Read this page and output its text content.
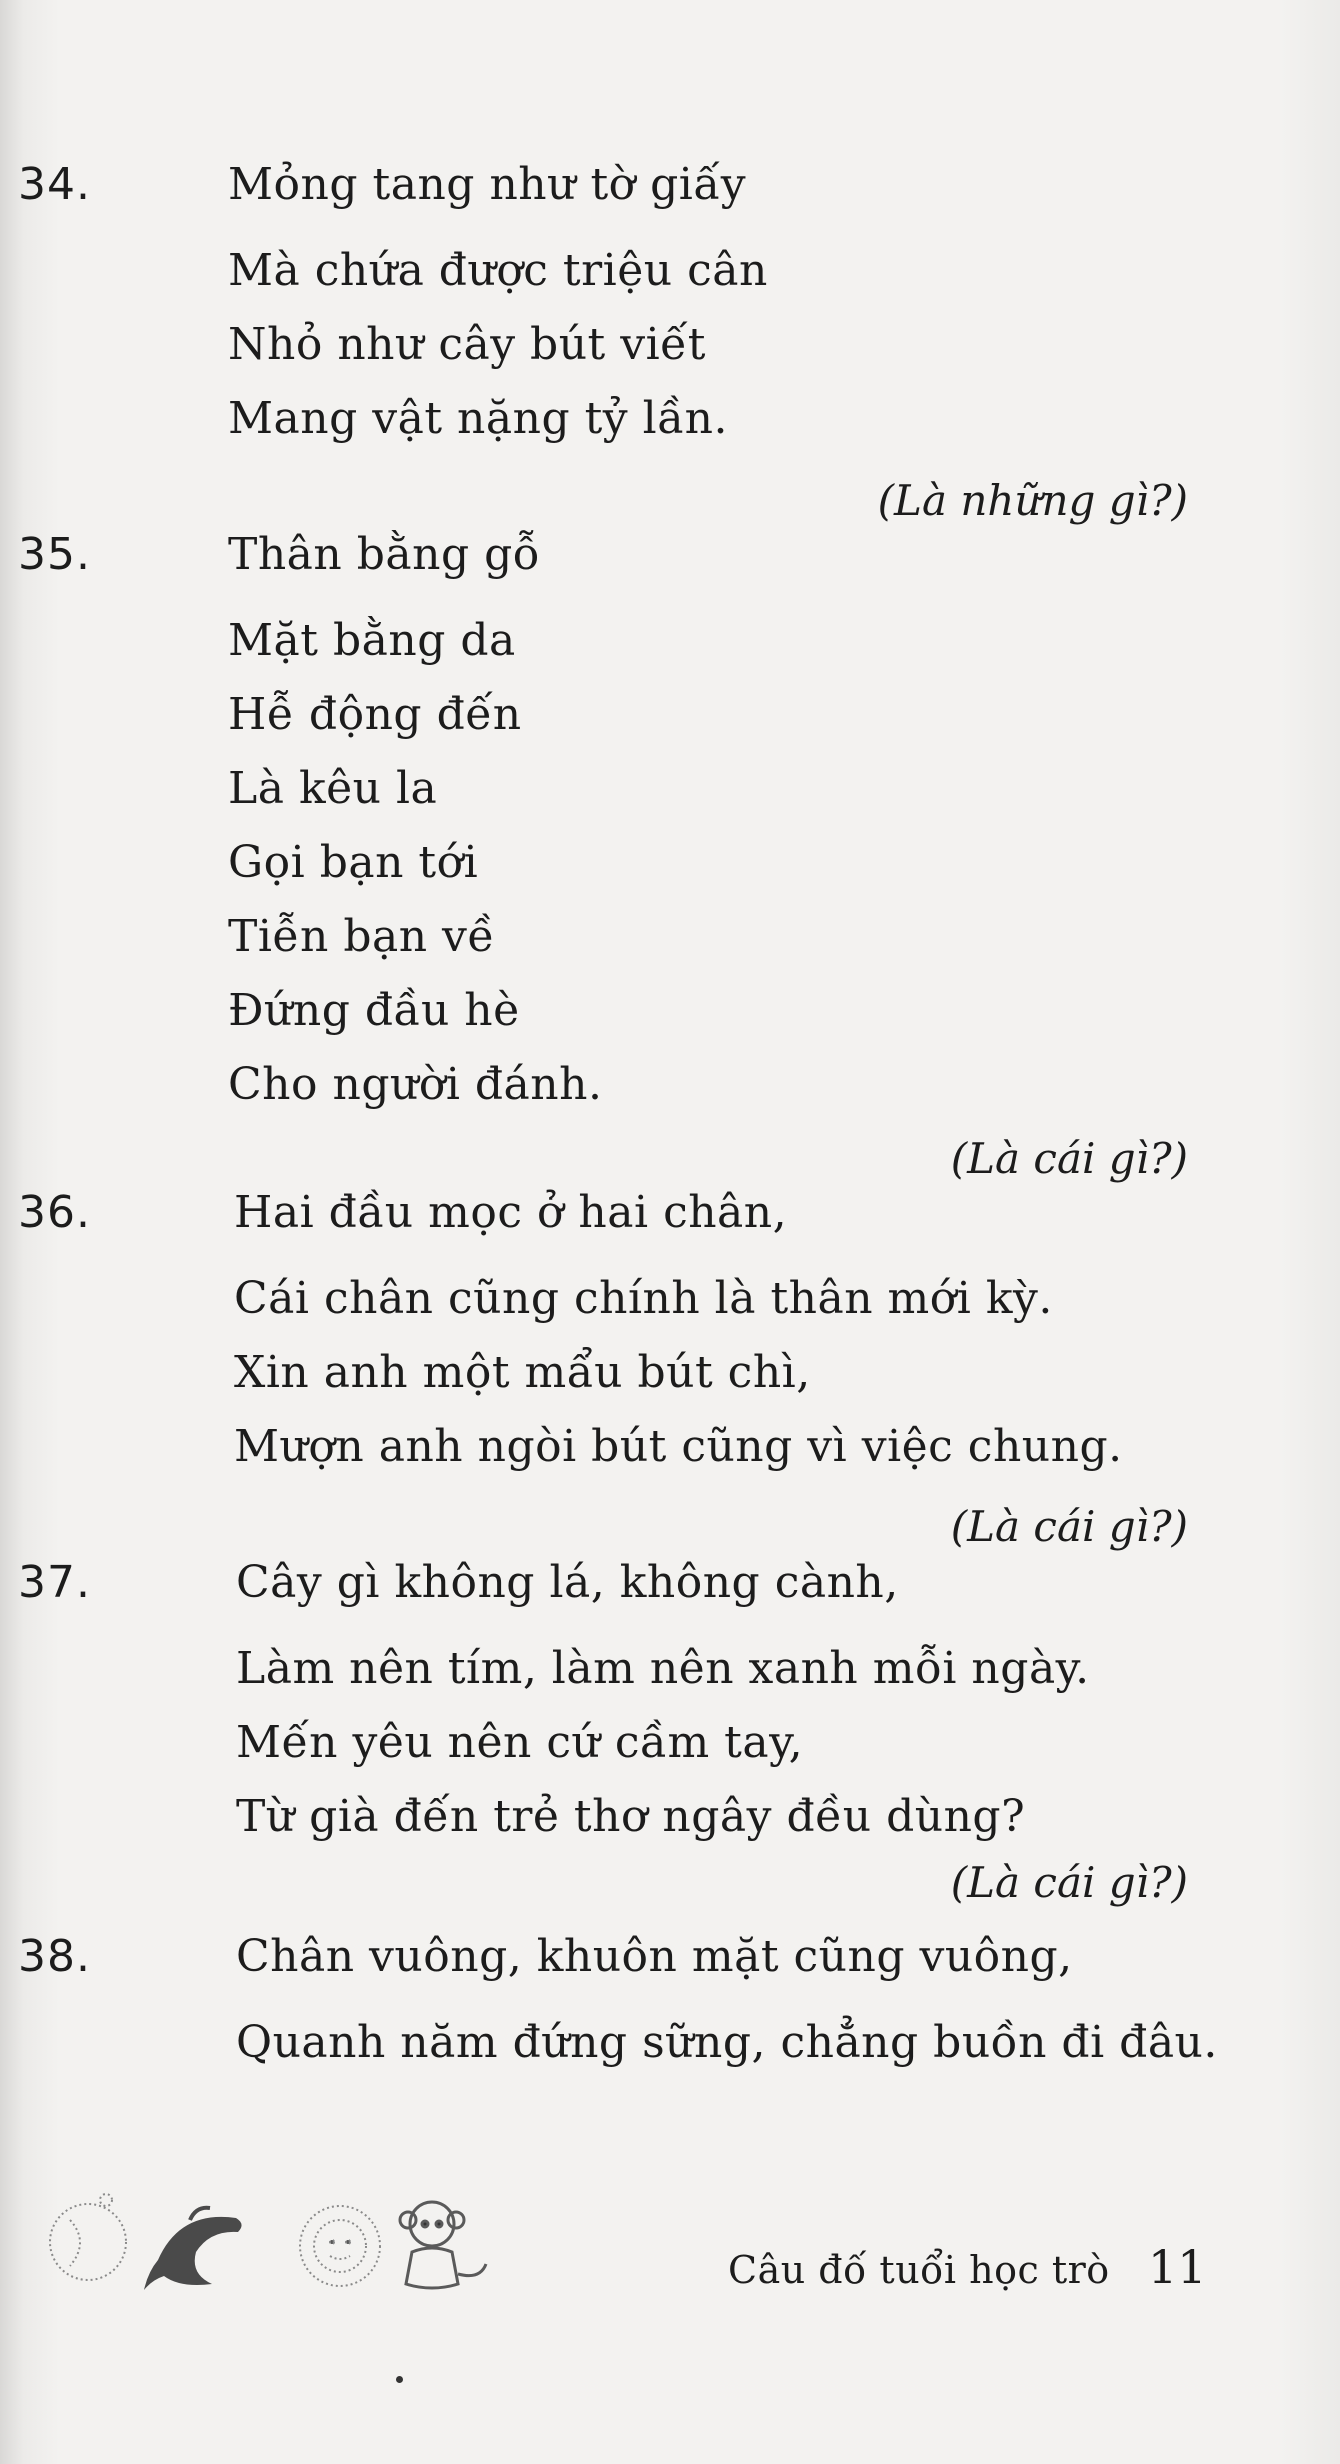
34.	Mỏng tang như tờ giấy
Mà chứa được triệu cân
Nhỏ như cây bút viết
Mang vật nặng tỷ lần.
(Là những gì?)
35.	Thân bằng gỗ
Mặt bằng da
Hễ động đến
Là kêu la
Gọi bạn tới
Tiễn bạn về
Đứng đầu hè
Cho người đánh.
(Là cái gì?)
36.	Hai đầu mọc ở hai chân,
Cái chân cũng chính là thân mới kỳ.
Xin anh một mẩu bút chì,
Mượn anh ngòi bút cũng vì việc chung.
(Là cái gì?)
37.	Cây gì không lá, không cành,
Làm nên tím, làm nên xanh mỗi ngày.
Mến yêu nên cứ cầm tay,
Từ già đến trẻ thơ ngây đều dùng?
(Là cái gì?)
38.	Chân vuông, khuôn mặt cũng vuông,
Quanh năm đứng sững, chẳng buồn đi đâu.
Câu đố tuổi học trò 11
